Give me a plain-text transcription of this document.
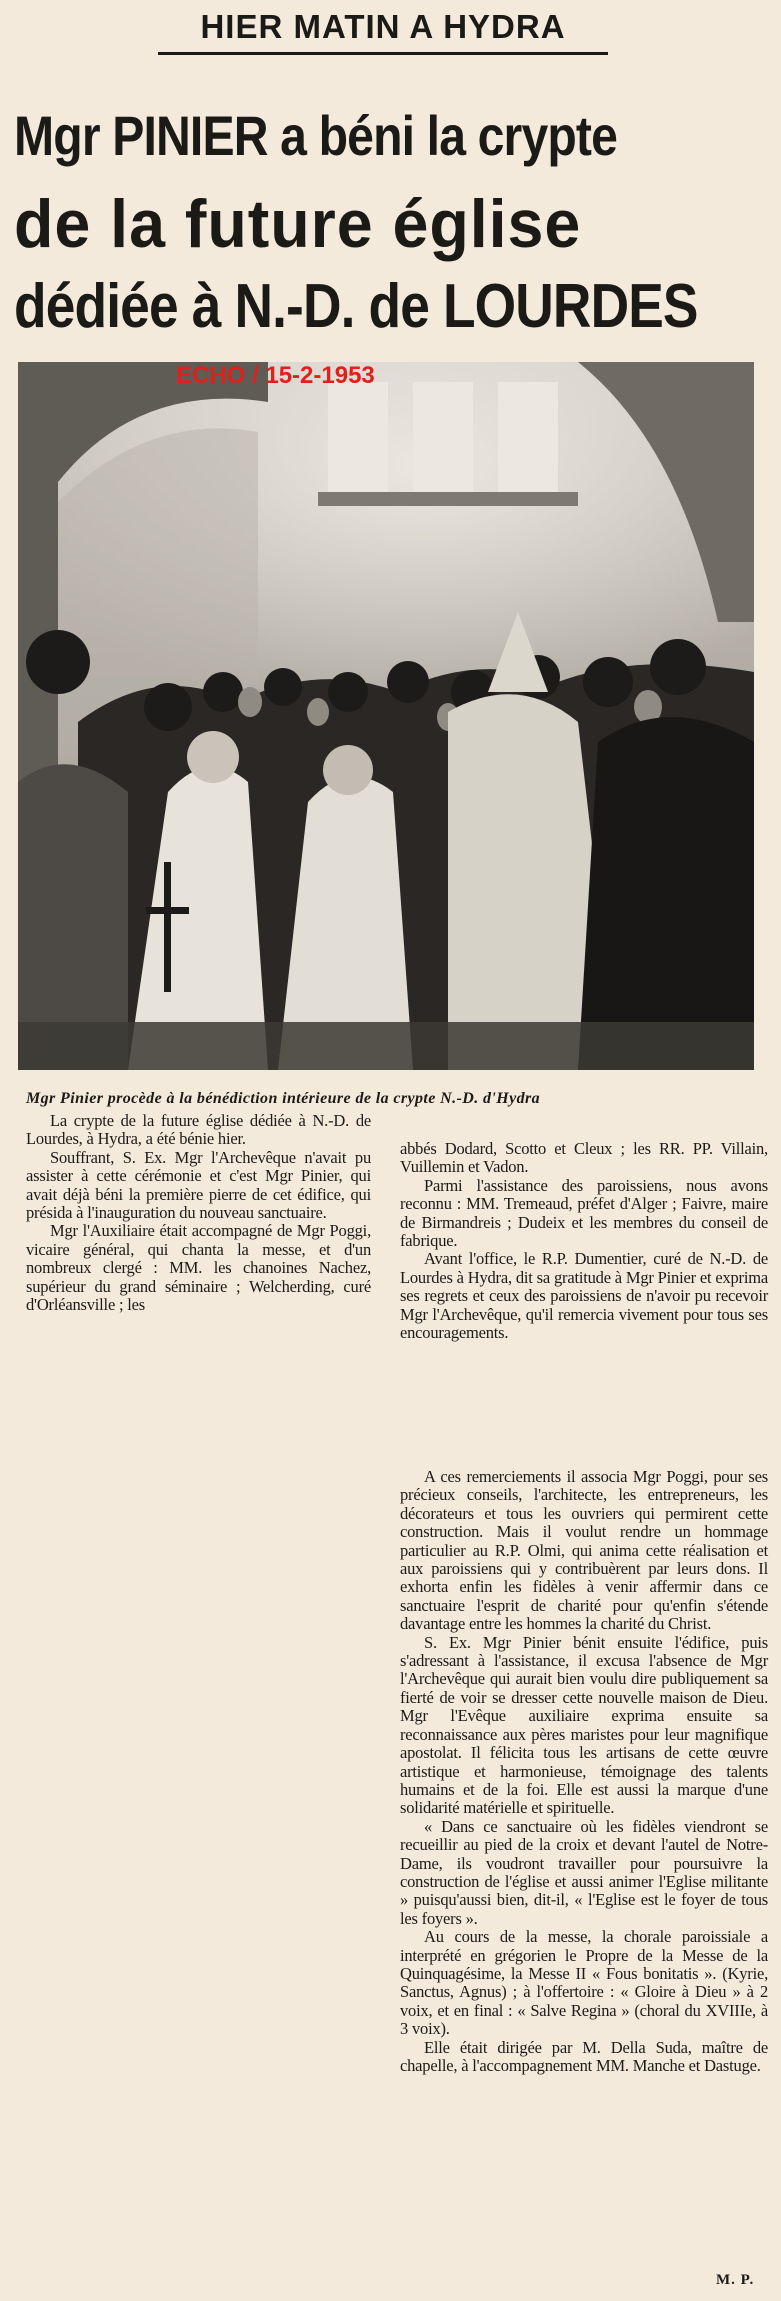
HIER MATIN A HYDRA
Mgr PINIER a béni la crypte
de la future église
dédiée à N.-D. de LOURDES
ECHO / 15-2-1953
Mgr Pinier procède à la bénédiction intérieure de la crypte N.-D. d'Hydra

La crypte de la future église dédiée à N.-D. de Lourdes, à Hydra, a été bénie hier.

Souffrant, S. Ex. Mgr l'Archevêque n'avait pu assister à cette cérémonie et c'est Mgr Pinier, qui avait déjà béni la première pierre de cet édifice, qui présida à l'inauguration du nouveau sanctuaire.

Mgr l'Auxiliaire était accompagné de Mgr Poggi, vicaire général, qui chanta la messe, et d'un nombreux clergé : MM. les chanoines Nachez, supérieur du grand séminaire ; Welcherding, curé d'Orléansville ; les

abbés Dodard, Scotto et Cleux ; les RR. PP. Villain, Vuillemin et Vadon.

Parmi l'assistance des paroissiens, nous avons reconnu : MM. Tremeaud, préfet d'Alger ; Faivre, maire de Birmandreis ; Dudeix et les membres du conseil de fabrique.

Avant l'office, le R.P. Dumentier, curé de N.-D. de Lourdes à Hydra, dit sa gratitude à Mgr Pinier et exprima ses regrets et ceux des paroissiens de n'avoir pu recevoir Mgr l'Archevêque, qu'il remercia vivement pour tous ses encouragements.

A ces remerciements il associa Mgr Poggi, pour ses précieux conseils, l'architecte, les entrepreneurs, les décorateurs et tous les ouvriers qui permirent cette construction. Mais il voulut rendre un hommage particulier au R.P. Olmi, qui anima cette réalisation et aux paroissiens qui y contribuèrent par leurs dons. Il exhorta enfin les fidèles à venir affermir dans ce sanctuaire l'esprit de charité pour qu'enfin s'étende davantage entre les hommes la charité du Christ.

S. Ex. Mgr Pinier bénit ensuite l'édifice, puis s'adressant à l'assistance, il excusa l'absence de Mgr l'Archevêque qui aurait bien voulu dire publiquement sa fierté de voir se dresser cette nouvelle maison de Dieu. Mgr l'Evêque auxiliaire exprima ensuite sa reconnaissance aux pères maristes pour leur magnifique apostolat. Il félicita tous les artisans de cette œuvre artistique et harmonieuse, témoignage des talents humains et de la foi. Elle est aussi la marque d'une solidarité matérielle et spirituelle.

« Dans ce sanctuaire où les fidèles viendront se recueillir au pied de la croix et devant l'autel de Notre-Dame, ils voudront travailler pour poursuivre la construction de l'église et aussi animer l'Eglise militante » puisqu'aussi bien, dit-il, « l'Eglise est le foyer de tous les foyers ».

Au cours de la messe, la chorale paroissiale a interprété en grégorien le Propre de la Messe de la Quinquagésime, la Messe II « Fous bonitatis ». (Kyrie, Sanctus, Agnus) ; à l'offertoire : « Gloire à Dieu » à 2 voix, et en final : « Salve Regina » (choral du XVIIIe, à 3 voix).

Elle était dirigée par M. Della Suda, maître de chapelle, à l'accompagnement MM. Manche et Dastuge.

M. P.
